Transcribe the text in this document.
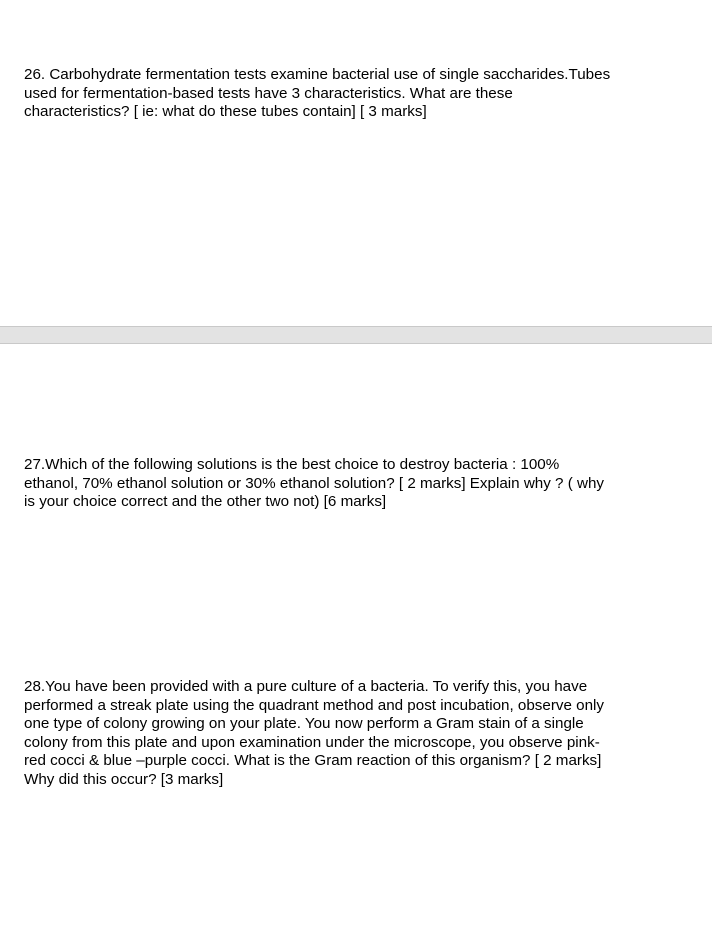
26. Carbohydrate fermentation tests examine bacterial use of single saccharides.Tubes
used for fermentation-based tests have 3 characteristics. What are these
characteristics? [ ie: what do these tubes contain] [ 3 marks]

27.Which of the following solutions is the best choice to destroy bacteria : 100%
ethanol, 70% ethanol solution or 30% ethanol solution? [ 2 marks] Explain why ? ( why
is your choice correct and the other two not) [6 marks]

28.You have been provided with a pure culture of a bacteria. To verify this, you have
performed a streak plate using the quadrant method and post incubation, observe only
one type of colony growing on your plate. You now perform a Gram stain of a single
colony from this plate and upon examination under the microscope, you observe pink-
red cocci & blue –purple cocci. What is the Gram reaction of this organism? [ 2 marks]
Why did this occur? [3 marks]
